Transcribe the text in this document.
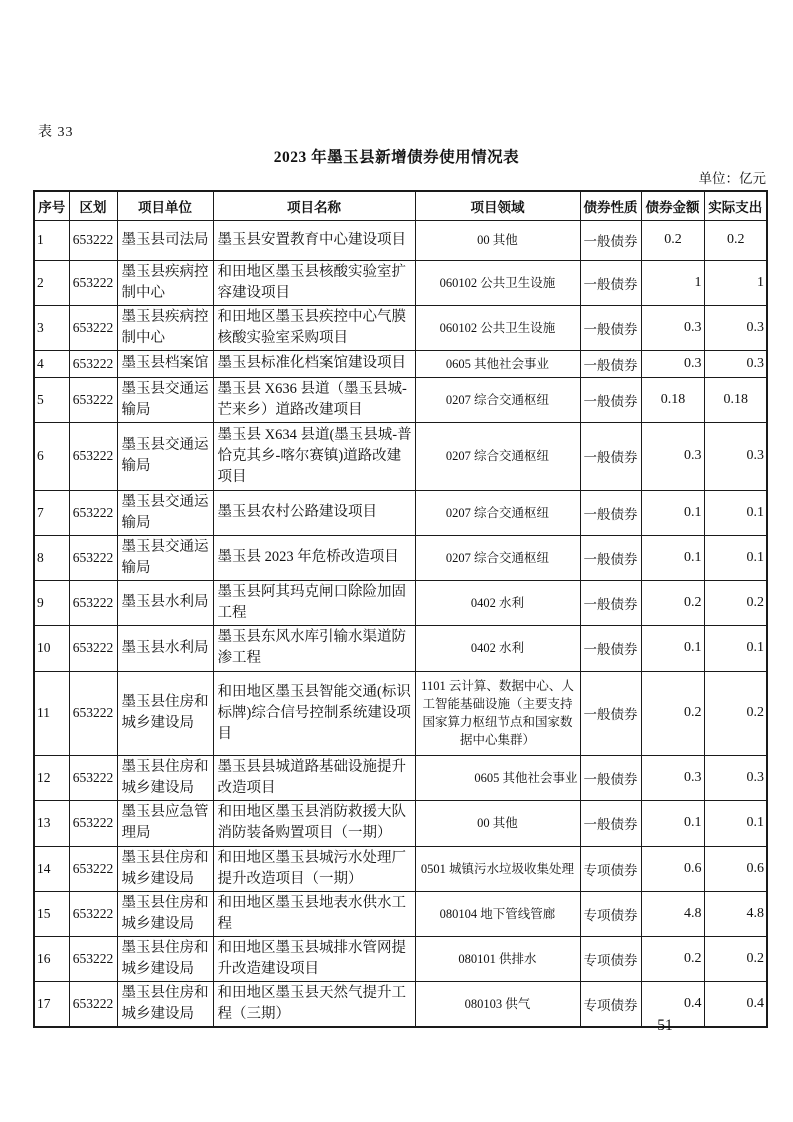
表 33
2023 年墨玉县新增债券使用情况表
单位：亿元
序号	区划	项目单位	项目名称	项目领域	债券性质	债券金额	实际支出
1	653222	墨玉县司法局	墨玉县安置教育中心建设项目	00 其他	一般债券	0.2	0.2
2	653222	墨玉县疾病控制中心	和田地区墨玉县核酸实验室扩容建设项目	060102 公共卫生设施	一般债券	1	1
3	653222	墨玉县疾病控制中心	和田地区墨玉县疾控中心气膜核酸实验室采购项目	060102 公共卫生设施	一般债券	0.3	0.3
4	653222	墨玉县档案馆	墨玉县标准化档案馆建设项目	0605 其他社会事业	一般债券	0.3	0.3
5	653222	墨玉县交通运输局	墨玉县 X636 县道（墨玉县城-芒来乡）道路改建项目	0207 综合交通枢纽	一般债券	0.18	0.18
6	653222	墨玉县交通运输局	墨玉县 X634 县道(墨玉县城-普恰克其乡-喀尔赛镇)道路改建项目	0207 综合交通枢纽	一般债券	0.3	0.3
7	653222	墨玉县交通运输局	墨玉县农村公路建设项目	0207 综合交通枢纽	一般债券	0.1	0.1
8	653222	墨玉县交通运输局	墨玉县 2023 年危桥改造项目	0207 综合交通枢纽	一般债券	0.1	0.1
9	653222	墨玉县水利局	墨玉县阿其玛克闸口除险加固工程	0402 水利	一般债券	0.2	0.2
10	653222	墨玉县水利局	墨玉县东风水库引输水渠道防渗工程	0402 水利	一般债券	0.1	0.1
11	653222	墨玉县住房和城乡建设局	和田地区墨玉县智能交通(标识标牌)综合信号控制系统建设项目	1101 云计算、数据中心、人工智能基础设施（主要支持国家算力枢纽节点和国家数据中心集群）	一般债券	0.2	0.2
12	653222	墨玉县住房和城乡建设局	墨玉县县城道路基础设施提升改造项目	0605 其他社会事业	一般债券	0.3	0.3
13	653222	墨玉县应急管理局	和田地区墨玉县消防救援大队消防装备购置项目（一期）	00 其他	一般债券	0.1	0.1
14	653222	墨玉县住房和城乡建设局	和田地区墨玉县城污水处理厂提升改造项目（一期）	0501 城镇污水垃圾收集处理	专项债券	0.6	0.6
15	653222	墨玉县住房和城乡建设局	和田地区墨玉县地表水供水工程	080104 地下管线管廊	专项债券	4.8	4.8
16	653222	墨玉县住房和城乡建设局	和田地区墨玉县城排水管网提升改造建设项目	080101 供排水	专项债券	0.2	0.2
17	653222	墨玉县住房和城乡建设局	和田地区墨玉县天然气提升工程（三期）	080103 供气	专项债券	0.4	0.4
51
